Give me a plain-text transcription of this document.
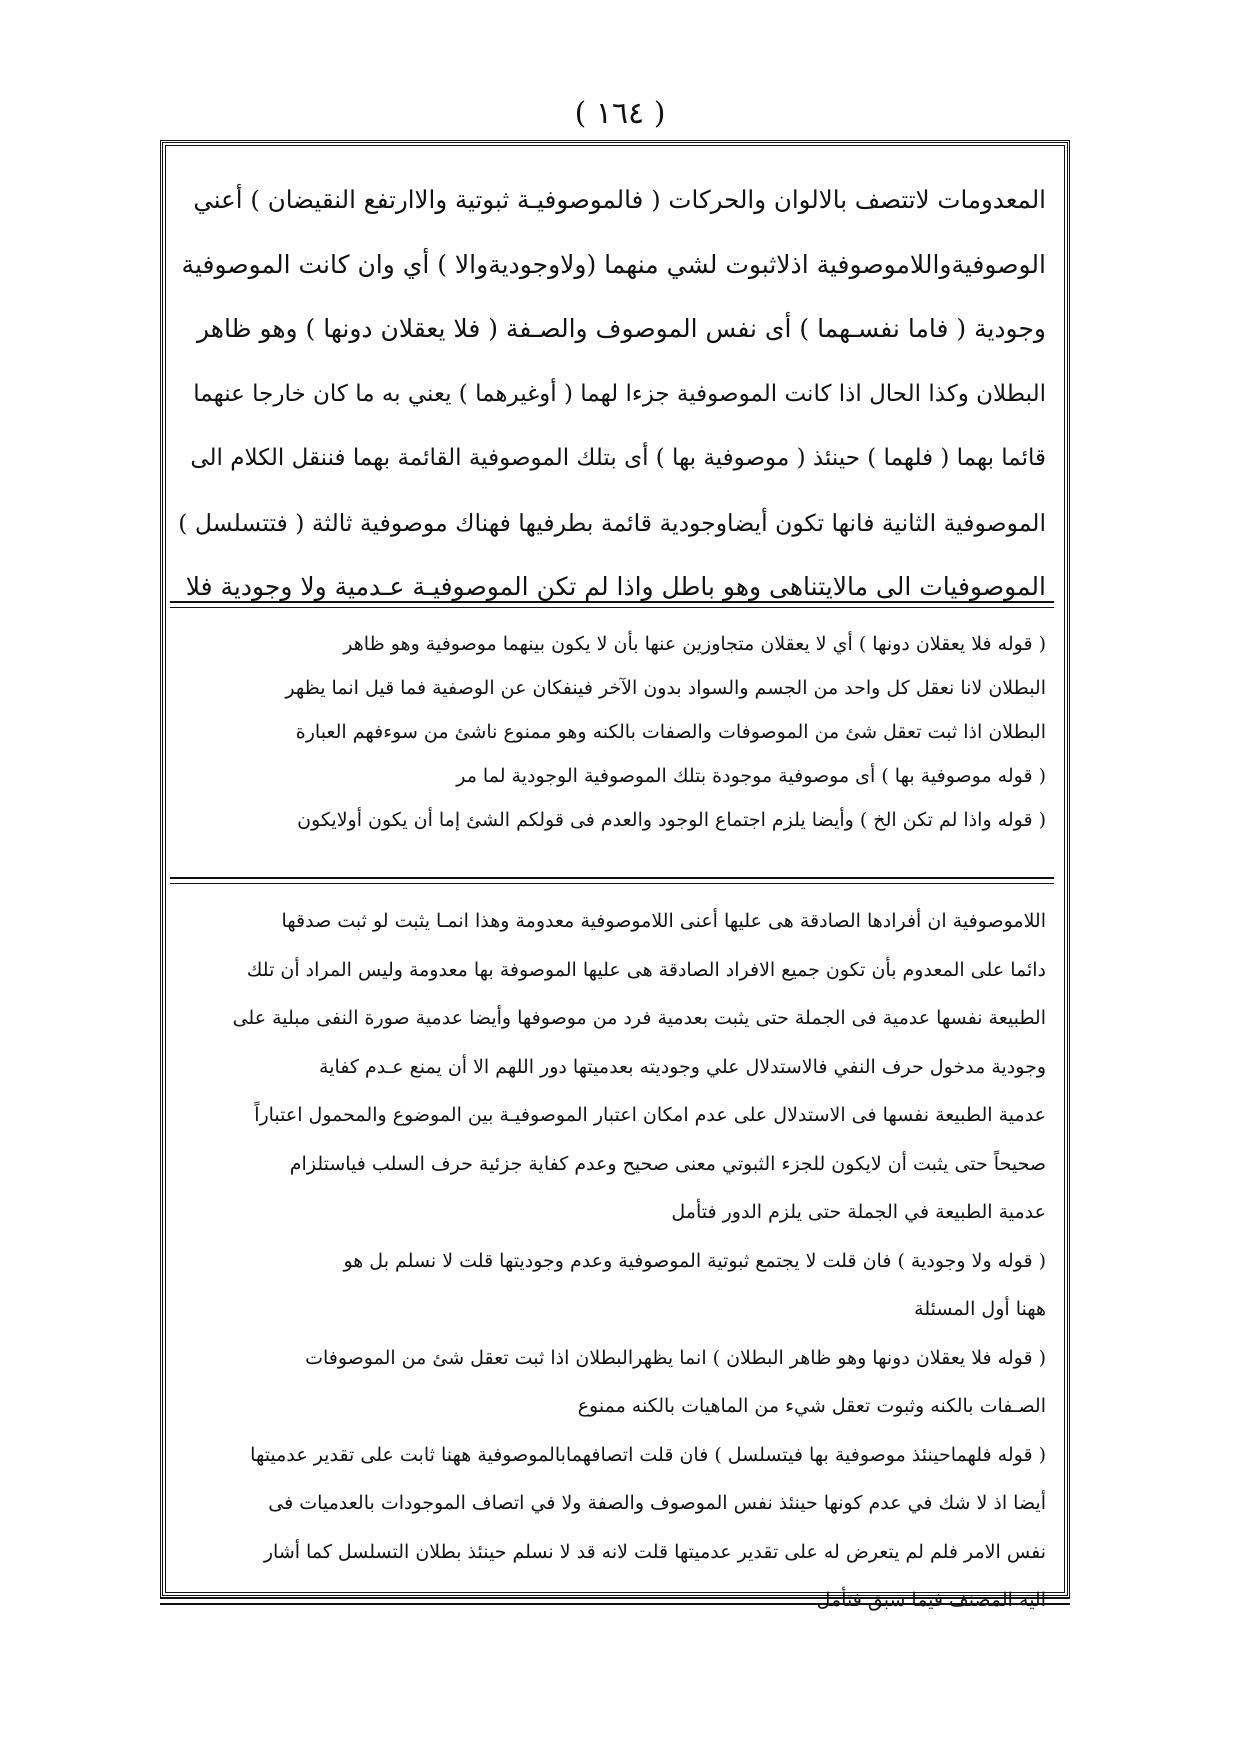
( ١٦٤ )

المعدومات لاتتصف بالالوان والحركات ( فالموصوفيـة ثبوتية والاارتفع النقيضان ) أعني

الوصوفيةواللاموصوفية اذلاثبوت لشي منهما (ولاوجوديةوالا ) أي وان كانت الموصوفية

وجودية ( فاما نفسـهما ) أى نفس الموصوف والصـفة ( فلا يعقلان دونها ) وهو ظاهر

البطلان وكذا الحال اذا كانت الموصوفية جزءا لهما ( أوغيرهما ) يعني به ما كان خارجا عنهما

قائما بهما ( فلهما ) حينئذ ( موصوفية بها ) أى بتلك الموصوفية القائمة بهما فننقل الكلام الى

الموصوفية الثانية فانها تكون أيضاوجودية قائمة بطرفيها فهناك موصوفية ثالثة ( فتتسلسل )

الموصوفيات الى مالايتناهى وهو باطل واذا لم تكن الموصوفيـة عـدمية ولا وجودية فلا

( قوله فلا يعقلان دونها ) أي لا يعقلان متجاوزين عنها بأن لا يكون بينهما موصوفية وهو ظاهر

البطلان لانا نعقل كل واحد من الجسم والسواد بدون الآخر فينفكان عن الوصفية فما قيل انما يظهر

البطلان اذا ثبت تعقل شئ من الموصوفات والصفات بالكنه وهو ممنوع ناشئ من سوءفهم العبارة

( قوله موصوفية بها ) أى موصوفية موجودة بتلك الموصوفية الوجودية لما مر

( قوله واذا لم تكن الخ ) وأيضا يلزم اجتماع الوجود والعدم فى قولكم الشئ إما أن يكون أولايكون

اللاموصوفية ان أفرادها الصادقة هى عليها أعنى اللاموصوفية معدومة وهذا انمـا يثبت لو ثبت صدقها

دائما على المعدوم بأن تكون جميع الافراد الصادقة هى عليها الموصوفة بها معدومة وليس المراد أن تلك

الطبيعة نفسها عدمية فى الجملة حتى يثبت بعدمية فرد من موصوفها وأيضا عدمية صورة النفى مبلية على

وجودية مدخول حرف النفي فالاستدلال علي وجوديته بعدميتها دور اللهم الا أن يمنع عـدم كفاية

عدمية الطبيعة نفسها فى الاستدلال على عدم امكان اعتبار الموصوفيـة بين الموضوع والمحمول اعتباراً

صحيحاً حتى يثبت أن لايكون للجزء الثبوتي معنى صحيح وعدم كفاية جزئية حرف السلب فياستلزام

عدمية الطبيعة في الجملة حتى يلزم الدور فتأمل

( قوله ولا وجودية ) فان قلت لا يجتمع ثبوتية الموصوفية وعدم وجوديتها قلت لا نسلم بل هو

ههنا أول المسئلة

( قوله فلا يعقلان دونها وهو ظاهر البطلان ) انما يظهرالبطلان اذا ثبت تعقل شئ من الموصوفات

الصـفات بالكنه وثبوت تعقل شيء من الماهيات بالكنه ممنوع

( قوله فلهماحينئذ موصوفية بها فيتسلسل ) فان قلت اتصافهمابالموصوفية ههنا ثابت على تقدير عدميتها

أيضا اذ لا شك في عدم كونها حينئذ نفس الموصوف والصفة ولا في اتصاف الموجودات بالعدميات فى

نفس الامر فلم لم يتعرض له على تقدير عدميتها قلت لانه قد لا نسلم حينئذ بطلان التسلسل كما أشار

اليه المصنف فيما سبق فتأمل
